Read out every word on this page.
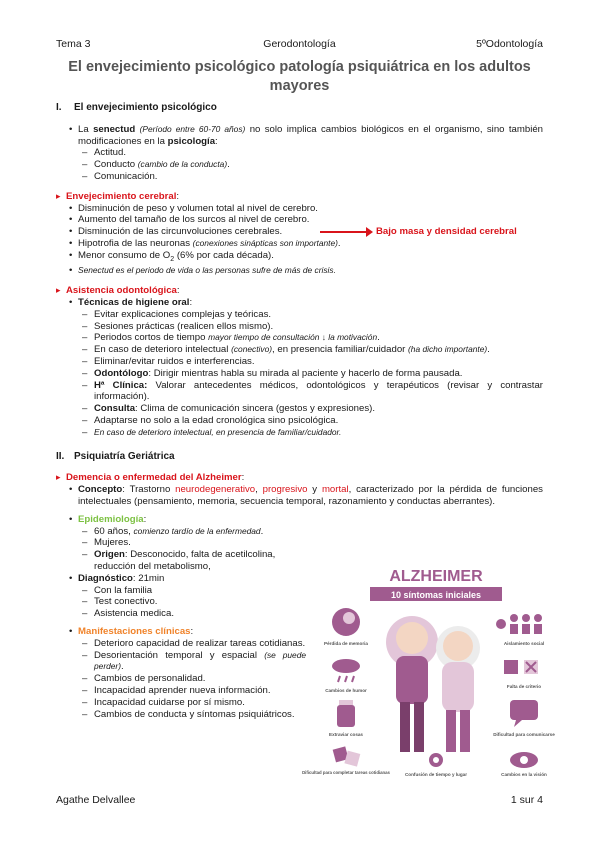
Tema 3	Gerodontología	5ºOdontología
El envejecimiento psicológico patología psiquiátrica en los adultos mayores
I. El envejecimiento psicológico
• La senectud (Período entre 60-70 años) no solo implica cambios biológicos en el organismo, sino también modificaciones en la psicología:
– Actitud.
– Conducto (cambio de la conducta).
– Comunicación.
▸ Envejecimiento cerebral:
• Disminución de peso y volumen total al nivel de cerebro.
• Aumento del tamaño de los surcos al nivel de cerebro.
• Disminución de las circunvoluciones cerebrales.	Bajo masa y densidad cerebral
• Hipotrofia de las neuronas (conexiones sinápticas son importante).
• Menor consumo de $O_2$ (6% por cada década).
• Senectud es el periodo de vida o las personas sufre de más de crisis.
▸ Asistencia odontológica:
• Técnicas de higiene oral:
– Evitar explicaciones complejas y teóricas.
– Sesiones prácticas (realicen ellos mismo).
– Periodos cortos de tiempo mayor tiempo de consultación ↓ la motivación.
– En caso de deterioro intelectual (conectivo), en presencia familiar/cuidador (ha dicho importante).
– Eliminar/evitar ruidos e interferencias.
– Odontólogo: Dirigir mientras habla su mirada al paciente y hacerlo de forma pausada.
– Hª Clínica: Valorar antecedentes médicos, odontológicos y terapéuticos (revisar y contrastar información).
– Consulta: Clima de comunicación sincera (gestos y expresiones).
– Adaptarse no solo a la edad cronológica sino psicológica.
– En caso de deterioro intelectual, en presencia de familiar/cuidador.
II. Psiquiatría Geriátrica
▸ Demencia o enfermedad del Alzheimer:
• Concepto: Trastorno neurodegenerativo, progresivo y mortal, caracterizado por la pérdida de funciones intelectuales (pensamiento, memoria, secuencia temporal, razonamiento y conductas aberrantes).
• Epidemiología:
– 60 años, comienzo tardío de la enfermedad.
– Mujeres.
– Origen: Desconocido, falta de acetilcolina, reducción del metabolismo,
• Diagnóstico: 21min
– Con la familia
– Test conectivo.
– Asistencia medica.
• Manifestaciones clínicas:
– Deterioro capacidad de realizar tareas cotidianas.
– Desorientación temporal y espacial (se puede perder).
– Cambios de personalidad.
– Incapacidad aprender nueva información.
– Incapacidad cuidarse por sí mismo.
– Cambios de conducta y síntomas psiquiátricos.
ALZHEIMER
10 síntomas iniciales
Pérdida de memoria
Cambios de humor
Extraviar cosas
Dificultad para completar tareas cotidianas	Confusión de tiempo y lugar
Aislamiento social
Falta de criterio
Dificultad para comunicarse
Cambios en la visión
Agathe Delvallee	1 sur 4
